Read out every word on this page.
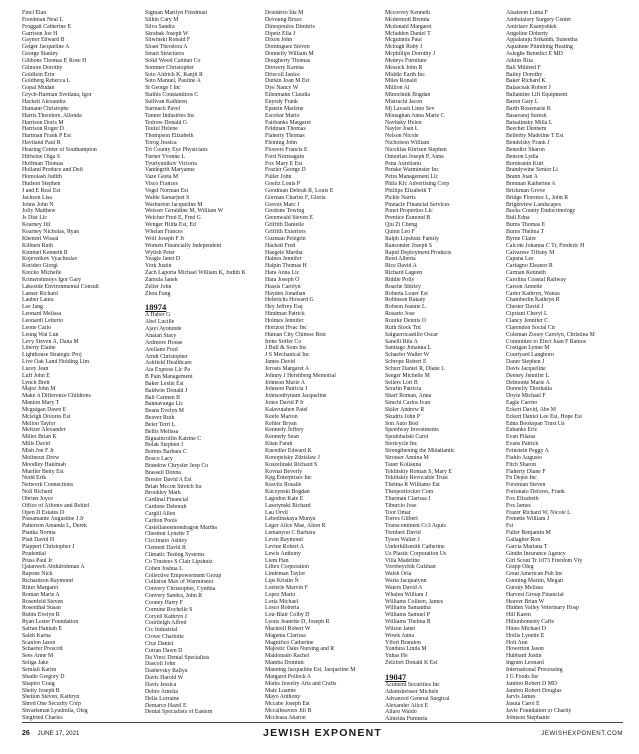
Fincl Elan
Freedman Neal L
Froggatt Catherine E
Garrison Joe H
Gaynor Edward B
Geiger Jacqueline A
George Stanley
Gibbons Thomas P, Rose H
Gilmore Dorothy
Goldfein Erin
Goldberg Rebecca L
Gopal Mudan
Grych-Harman Svetlana, Igor
Hackett Alexandra
Hamann Christophe
Harris Theodore, Allonda
Harrison Doris M
Harrison Roger D
Hartman Frank P Est
Haviland Paul R
Hearing Center of Southampton
Hiltwine Olga S
Hoffman Thomas
Holland Produce and Deli
Homolash Judith
Hudson Stephen
J and E Real Est
Jackson Lisa
Johns John N
Jolly Matthew
Js Dist Llc
Kearney Jill
Kearney Nicholas, Ryan
Khemiri Wissal
Kilburn Ruth
Kimmel Kenneth R
Kojevnikov Vyacheslav
Korideo Giorgi
Krecko Michelle
Krimershmoys Igor Gary
Lakeside Environmental Consult
Lanser Richard
Lauber Laura
Lee Jang
Leonard Melissa
Leonardi Letterio
Leone Carlo
Leung Wai Lun
Levy Steven A, Dana M
Liberty Elaine
Lighthouse Strategic Proj
Live Oak Land Holding Llm
Lucey Jean
Luff John E
Lynch Brett
Major John M
Make A Difference Childrens
Manion Mary T
Mcguigan Dawn E
Mcleigh Dolores Est
Mellon Taylor
Meltzer Alexander
Miller Brian K
Mills David
Mish Jon F Jr
Molineux Drew
Moodley Hakimah
Mueller Betty Est
Nedd Erik
Network Connections
Noll Richard
Obrien Joyce
Office of Affonto and Rebiel
Open D Estates D
Passamante Augustine J Jr
Patterson Amanda L, Derek
Pianka Norma
Platt David H
Plappert Christopher J
Prudential
Pruss Paul Jr
Qatanweh Abdulrohman A
Rapone Nick
Richardson Raymond
Ritter Margaret
Roman Marie A
Rosenfeld Steven
Rosenthal Susan
Rubin Evelyn R
Ryan Lester Foundation
Safran Hannah E
Saleh Karna
Scanlon Jason
Schaefer Prescott
Sees Anne M
Seliga Jake
Semlali Karim
Shadle Gregory D
Shapiro Craig
Shetty Joseph B
Shelton Steven, Kathryn
Shred One Security Corp
Shvartsman Lyudmila, Oleg
Siegfried Charles
Sigman Marilyn Friedman
Silkin Cary M
Silva Sandra
Skrabak Joseph W
Sliwinski Ronald F
Sloan Theodora A
Smart Structures
Solid Wood Cabinet Co
Sommer Christopher
Soto Aldrich K, Ranjit R
Soto Manuel, Pauline A
St George I Inc
Stathis Constantinos C
Sullivan Kathleen
Surmach Pavel
Tanner Industries Inc
Tedrow Donald G
Teufel Helene
Thompson Elizabeth
Torog Jessica
Tri County Eye Physicians
Turner Yvonne L
Tyurtyunikov Victoria
Vandegrift Maryanne
Vaze Geeta M
Visco Frances
Vogel Norman Est
Wable Samarjeet S
Warburton Jacqueline M
Weisser Geraldine M, William W
Welcher Fred E, Fred G
Wenger Hilda Est, Ed
Whelan Frances
Wolf Joseph F Jr
Women Financially Independent
Wytish Peter
Yeagle Janet D
York Justin
Zach Laporta Michael William K, Judith K
Zamula Janek
Zeller John
Zhou Fang
18974
A Haber G
Abel Lucille
Ajayi Ayotunde
Anaian Stacy
Ardmore House
Arellano Fred
Arndt Christopher
Ashfield Healthcare
Ata Express Llc Pa
B Pain Management
Baker Leslie Est
Baldwin Donald J
Ball Carmen B
Bannavanga Llc
Beans Evelyn M
Beaver Ruth
Beier Terri L
Bellis Melissa
Biguaincollin Katrine C
Bolak Stephen J
Bornes Barbara C
Bosco Lacy
Brandow Chrysler Jeep Co
Brassell Donna
Bresler David A Est
Brian Mccon Stretch Ira
Brookley Mark
Cardinal Financial
Cardone Deborah
Cargill Allen
Carlton Pools
Castellanosmondragon Martha
Chestnut Lynette T
Ciccimaro Ashley
Clement David R
Climatic Testing Systems
Co Trustees S Clair Lipshutz
Cohen Joshua L
Collective Empowerment Group
Collision Max of Warminster
Convery Christopher, Cynthia
Convery Sandra, John R
Cooney Harry F
Cormine Rochelle S
Coryell Kathryn J
Courtleigh Alfred
Crc Industrial
Crowe Charlotte
Cruz Daniel
Curran Dawn D
Da Vinci Dental Specialists
Dascoli John
Dashevsky Raliya
Davis Harold W
Davis Jessica
Debro Amelia
Della Lorraine
Demarco Hazel E
Dental Specialists of Eastern
Desiderio Ida M
Devoung Bruce
Dimopoulos Dimitris
Dipetz Ella J
Dixon John
Dominguez Steven
Donnelly William M
Dougherty Thomas
Drewery Karena
Driscoll Janice
Durkin Joan M Est
Dye Nancy W
Eilenmann Claudia
Enyedy Frank
Epstein Marlene
Escobar Mario
Fairbanks Margaret
Feldman Thomas
Flaherty Thomas
Fleming John
Flowers Francis E
Ford Norreaguin
Fox Mary E Est
Frazier George D
Fuller John
Goeltz Louis P
Goodman Debrah R, Louis E
Gorman Charles F, Gloria
Gravez Marc J
Gredone Towing
Greenwald Steven E
Griffith Danielle
Griffith Exteriors
Guzman Pelegrin
Hackett Fred
Haegele Martha
Haines Jennifer
Halpin Thomas H
Hara Anna Lic
Hara Joseph O
Hassis Carolyn
Hayden Jonathan
Heinrichs Howard G
Hey Jeffrey Esq
Hindman Patrick
Holmes Jennifer
Horizon Hvac Inc
Human City Chinese Rest
Irene Soffer Co
J Bull & Sons Inc
J S Mechanical Inc
James David
Jerosts Margaret A
Johnny J Hershberg Memorial
Johnson Marie A
Johnson Patricia J
Johnsonbynum Jacqueline
Jones David P Jr
Kalavutahen Patel
Keefe Marion
Kehler Bryan
Kennedy Jeffrey
Kennedy Sean
Khan Farah
Kneedler Edward K
Konopelsky Zdzislaw J
Koszelinski Richard S
Kovnat Beverly
Kpg Enterprises Inc
Kravitz Rosalie
Kuczynski Bogdan
Lagodon Kate E
Lasotynski Richard
Lau Orvil
Lebedinskaya Munya
Leger Alice Mae, Alton R
Lemanyon C Barbara
Levin Raymond
Levine Robert A
Lewis Anthony
Liem Han
Liftex Corporation
Lindeman Taylor
Lips Kristin N
Loeterle Marvin F
Lopez Mario
Loria Michael
Losco Roberta
Lou-Blair Colby D
Lyons Jeanette D, Joseph R
Mackrell Robert W
Magenta Clarissa
Magnifico Catherine
Majestic Oaks Nursing and R
Maldonado Rachel
Mamba Dominic
Manning Jacqueline Est, Jacqueline M
Margaret Pollock A
Marks Jewelry Arts and Crafts
Matz Luanne
Mayo Anthony
Mccabe Joseph Est
Mccalbeavers Jill B
Mccleasa Aharon
Mccorvey Kenneth
Mcdermott Brenda
Mcdonald Margaret
Mcfadden Daniel T
Mcguinnis Paul
Mchugh Ruby J
Mcphillips Dorothy J
Medeys Furniture
Messick John R
Middle Earth Inc
Miles Ronald
Million Al
Minochnik Bogdan
Mistrachi Jacon
Mj Lavash Limo Sev
Monaghan Anna Marie C
Navitsky Helen
Naylor Joan L
Nelson Nicole
Nicholson William
Nicolifas Khrisen Stephen
Onuorlan Joseph P, Anna
Pena Aurelianu
Penske Warminster Inc
Petra Management Llc
Phila Kfc Advertising Corp
Phillips Elizabeth T
Pickle Narris
Pinnacle Financial Services
Ponet Properties Llc
Prentice Esmond B
Qiu Zi Cheng
Quinn Leo F
Ralph Lipshutz Family
Ransonder Joseph S
Rapid Deployment Products
Reed Alberta
Rice David A
Richard Lageen
Riddle Polly
Roache Shirley
Roberta Louer Est
Robinson Rakaty
Robson Joanne L
Rosario Jose
Rourke Dennis O
Ruth Stock Trd
Salguerocastillo Oscar
Sanelli Rita A
Santiago Johanna L
Schaefer Walter W
Schrope Robert E
Schurr Daniel R, Diane L
Seeger Michelle M
Sellers Lori B
Serafin Patricia
Sharf Roman, Anna
Simchi Carlos Ivan
Skiler Andrew R
Skudris John P
Son Auto Bod
Speedway Investments
Spodobalski Carol
Stericycle Inc
Strengthening the Midatlantic
Strosser Annina M
Tauer Kollauna
Teklitskiy Roman S, Mary E
Teklitskiy Revocable Trust
Thelma R Williams Est
Thesportlocker Com
Thurman Clarissa J
Tiburcio Jose
Toor Omar
Torres Gilbert
Transcontinent Cc3 Aquis
Trenbert David
Tyson Walter J
Underhillsmith Catherine
Us Plastic Corporation Us
Villa Madeline
Vorobeychik Gulshan
Walsh Orla
Warta Jacqualynn
Waters David A
Whalen William J
Williams Colleen, James
Williams Samantha
Williams Samuel P
Williams Thelma R
Wilson Janet
Wowk Anna
Yffert Brandon
Yondura Linda M
Yuhas He
Zelzfort Donald K Est
19047
Acument Securities Inc
Adamsheisser Michele
Advanced General Surgical
Alexander Alice E
Alfaro Waldo
Almeida Purnnela
Alsaleem Luma F
Ambulatory Surgery Center
Amirlaev Ksanyshlek
Angeline Doherty
Appalaraju Srikanth, Suneetha
Aquatune Plumbing Heating
Asleghs Benedict E MD
Atkins Rita
Bail Mildred F
Bailey Dorothy
Baker Richard K
Balasceak Robert J
Ballantine Lift Equipment
Baron Gary L
Barth Rosemarie K
Basavaraj Suresh
Batsalinsky Milla L
Beecher Dennem
Bellerby Madeline T Est
Bendelsky Frank J
Benedict Sharon
Benson Lydia
Borntranin Kurt
Brandywine Senior Li
Brann Joan A
Brennan Katherine A
Brickman Grove
Bridge Florence L, John R
Brightview Landscapes
Bucks County Endocrinology
Bull Edna
Burns Thomas E
Burns Thelma T
Byrne Claire
Calcote Johanna C Tr, Frederic H
Calvarese Tiffany M
Capana Lee
Carfagno Eleanor R
Carman Kenneth
Carolina Coastal Railway
Carson Annette
Carter Kathryn, Wanza
Chamberlin Kathryn R
Chester David J
Cipriani Cheryl L
Clancy Jennifer C
Clarendon Social Ctr
Coleman Zooey Carolyn, Christina M
Committee to Elect Juan F Ramos
Costigan Lynne M
Courtyard Langhorn
Daner Stephen J
Davis Jacqueline
Deeney Jennifer L
Delmonte Marie A
Donnelly Thorkalia
Doyle Michael F
Eagle Carrier
Eckert David, Abe M
Eckert Daniel Lee Est, Hope Est
Edna Bookspan Trust Ua
Eubanks Eric
Evan Pilaras
Evans Patrick
Feinstein Peggy A
Fiahlo Augusto
Fitch Sharon
Flaherty Diane F
Fn Depot Inc
Forstman Steven
Fortunato Delores, Frank
Fox Elizabeth
Fox James
Frazer Richard W, Nicole L
Frenette William J
Fsi
Fuller Benjamin M
Gallagher Ron
Garcia Mariana T
Gindin Insurance Agency
Girl Scout Tr 1073 Freedom Vly
Grapp Oleg
Great American Pub Inc
Gunning Martin, Megan
Gursky Melissa
Harvest Group Financial
Heaver Brian W
Hidden Valley Veterinary Hosp
Hill Karen
Hiltonbonenty Caffe
Hines Michael D
Hollis Lynette E
Holt Ann
Howerton Jason
Hubbard Justin
Ingram Leonard
International Processing
J G Foods Inc
Jambro Robert D MD
Jambro Robert Douglas
Jarvis James
Jasuta Carol E
Javie Foundation or Charity
Johnson Stephanie
26 JUNE 17, 2021	JEWISH EXPONENT	JEWISHEXPONENT.COM
